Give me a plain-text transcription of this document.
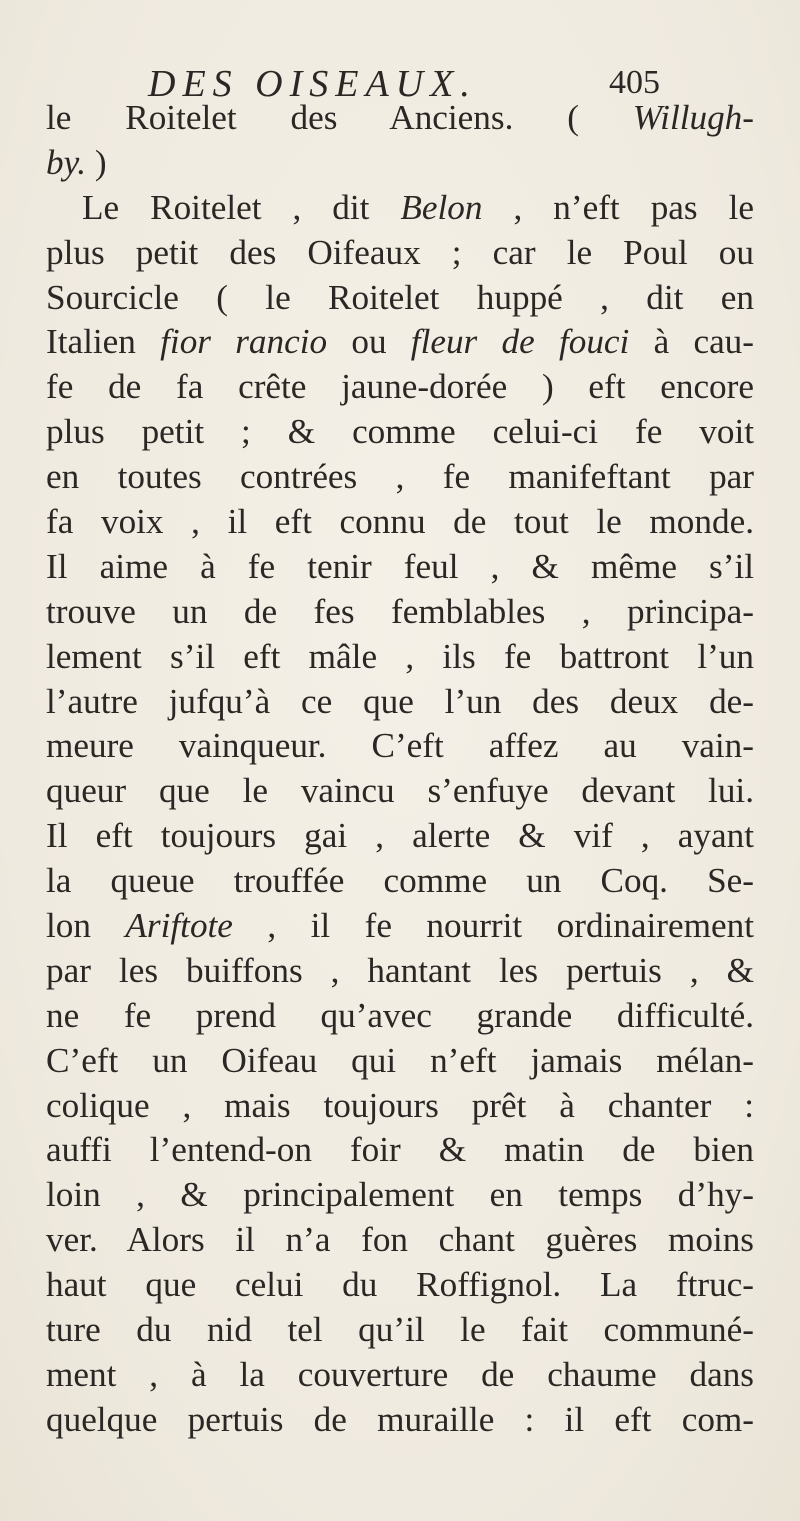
DES OISEAUX.	405
le Roitelet des Anciens. ( Willugh-
by. )
Le Roitelet , dit Belon , n’eft pas le
plus petit des Oifeaux ; car le Poul ou
Sourcicle ( le Roitelet huppé , dit en
Italien fior rancio ou fleur de fouci à cau-
fe de fa crête jaune-dorée ) eft encore
plus petit ; & comme celui-ci fe voit
en toutes contrées , fe manifeftant par
fa voix , il eft connu de tout le monde.
Il aime à fe tenir feul , & même s’il
trouve un de fes femblables , principa-
lement s’il eft mâle , ils fe battront l’un
l’autre jufqu’à ce que l’un des deux de-
meure vainqueur. C’eft affez au vain-
queur que le vaincu s’enfuye devant lui.
Il eft toujours gai , alerte & vif , ayant
la queue trouffée comme un Coq. Se-
lon Ariftote , il fe nourrit ordinairement
par les buiffons , hantant les pertuis , &
ne fe prend qu’avec grande difficulté.
C’eft un Oifeau qui n’eft jamais mélan-
colique , mais toujours prêt à chanter :
auffi l’entend-on foir & matin de bien
loin , & principalement en temps d’hy-
ver. Alors il n’a fon chant guères moins
haut que celui du Roffignol. La ftruc-
ture du nid tel qu’il le fait communé-
ment , à la couverture de chaume dans
quelque pertuis de muraille : il eft com-
